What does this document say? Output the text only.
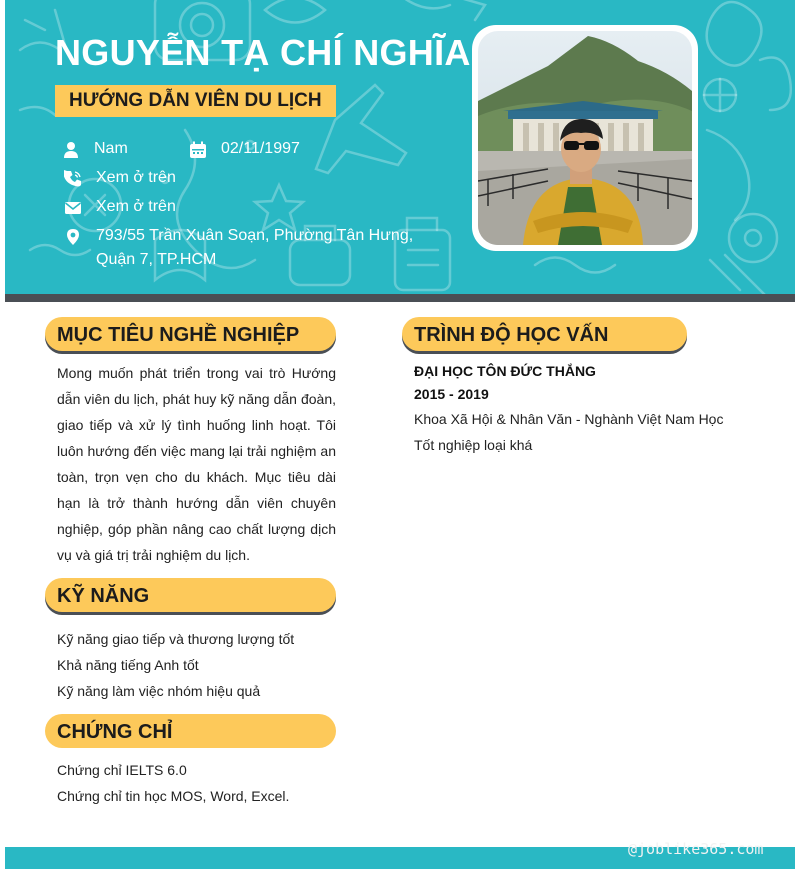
NGUYỄN TẠ CHÍ NGHĨA
HƯỚNG DẪN VIÊN DU LỊCH
Nam	02/11/1997
Xem ở trên
Xem ở trên
793/55 Trần Xuân Soạn, Phường Tân Hưng,
Quận 7, TP.HCM
MỤC TIÊU NGHỀ NGHIỆP

Mong muốn phát triển trong vai trò Hướng dẫn viên du lịch, phát huy kỹ năng dẫn đoàn, giao tiếp và xử lý tình huống linh hoạt. Tôi luôn hướng đến việc mang lại trải nghiệm an toàn, trọn vẹn cho du khách. Mục tiêu dài hạn là trở thành hướng dẫn viên chuyên nghiệp, góp phần nâng cao chất lượng dịch vụ và giá trị trải nghiệm du lịch.

KỸ NĂNG
Kỹ năng giao tiếp và thương lượng tốt
Khả năng tiếng Anh tốt
Kỹ năng làm việc nhóm hiệu quả
CHỨNG CHỈ
Chứng chỉ IELTS 6.0
Chứng chỉ tin học MOS, Word, Excel.
TRÌNH ĐỘ HỌC VẤN
ĐẠI HỌC TÔN ĐỨC THẮNG
2015 - 2019
Khoa Xã Hội & Nhân Văn - Nghành Việt Nam Học
Tốt nghiệp loại khá
@joblike365.com
